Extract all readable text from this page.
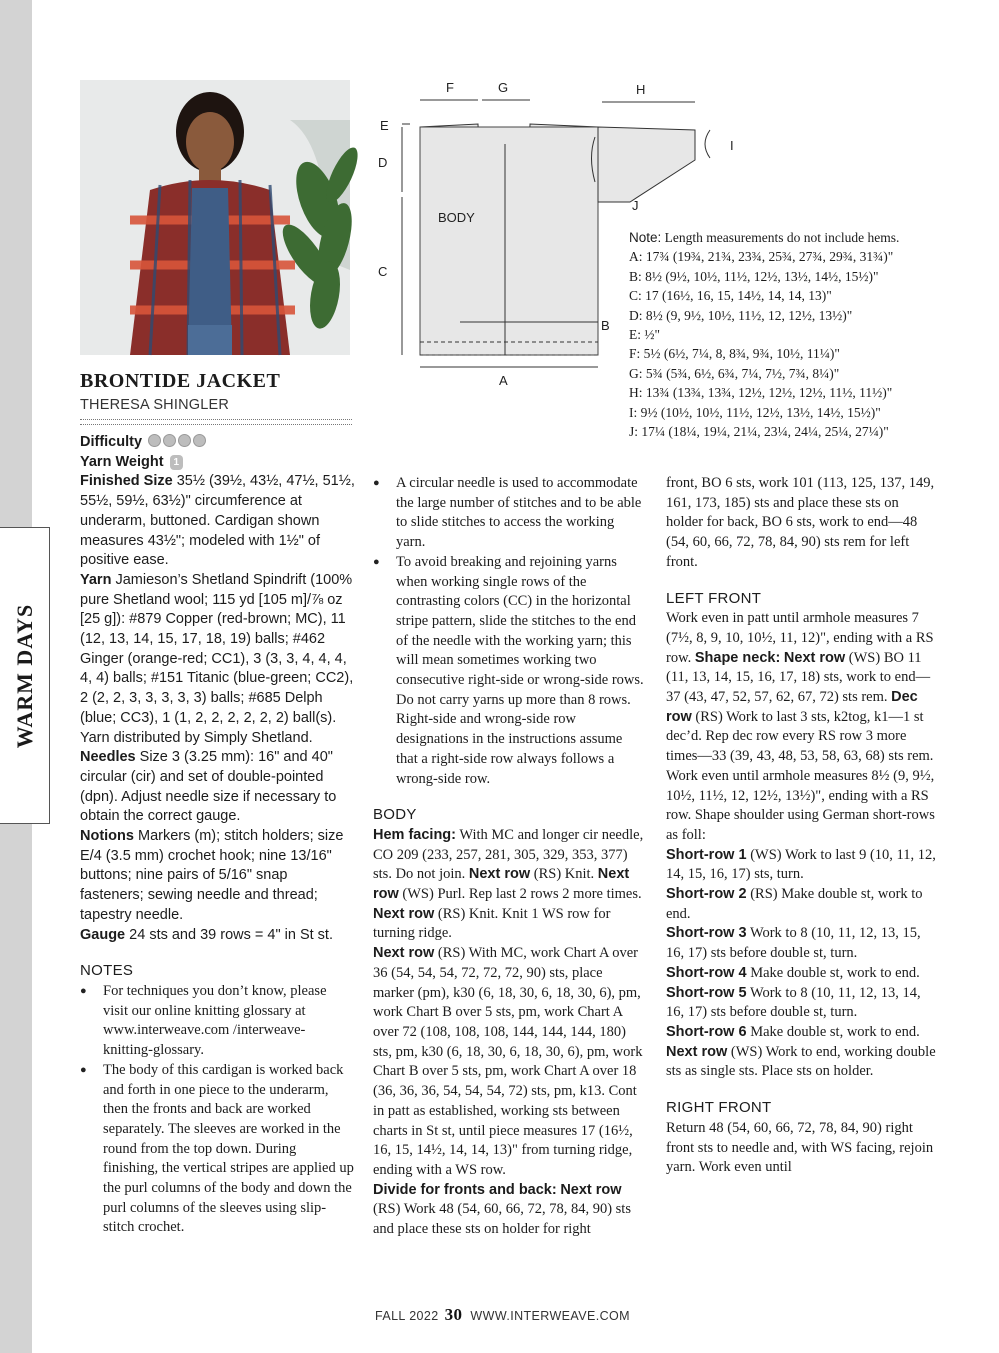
WARM DAYS
BRONTIDE JACKET
THERESA SHINGLER
F	G	H
E
D
C
I
J
B
A
BODY
Note: Length measurements do not include hems.
A: 17¾ (19¾, 21¾, 23¾, 25¾, 27¾, 29¾, 31¾)"
B: 8½ (9½, 10½, 11½, 12½, 13½, 14½, 15½)"
C: 17 (16½, 16, 15, 14½, 14, 14, 13)"
D: 8½ (9, 9½, 10½, 11½, 12, 12½, 13½)"
E: ½"
F: 5½ (6½, 7¼, 8, 8¾, 9¾, 10½, 11¼)"
G: 5¾ (5¾, 6½, 6¾, 7¼, 7½, 7¾, 8¼)"
H: 13¾ (13¾, 13¾, 12½, 12½, 12½, 11½, 11½)"
I: 9½ (10½, 10½, 11½, 12½, 13½, 14½, 15½)"
J: 17¼ (18¼, 19¼, 21¼, 23¼, 24¼, 25¼, 27¼)"

Difficulty

Yarn Weight 1

Finished Size 35½ (39½, 43½, 47½, 51½, 55½, 59½, 63½)" circumference at underarm, buttoned. Cardigan shown measures 43½"; modeled with 1½" of positive ease.

Yarn Jamieson’s Shetland Spindrift (100% pure Shetland wool; 115 yd [105 m]/⅞ oz [25 g]): #879 Copper (red-brown; MC), 11 (12, 13, 14, 15, 17, 18, 19) balls; #462 Ginger (orange-red; CC1), 3 (3, 3, 4, 4, 4, 4, 4) balls; #151 Titanic (blue-green; CC2), 2 (2, 2, 3, 3, 3, 3, 3) balls; #685 Delph (blue; CC3), 1 (1, 2, 2, 2, 2, 2, 2) ball(s). Yarn distributed by Simply Shetland.

Needles Size 3 (3.25 mm): 16" and 40" circular (cir) and set of double-pointed (dpn). Adjust needle size if necessary to obtain the correct gauge.

Notions Markers (m); stitch holders; size E/4 (3.5 mm) crochet hook; nine 13/16" buttons; nine pairs of 5/16" snap fasteners; sewing needle and thread; tapestry needle.

Gauge 24 sts and 39 rows = 4" in St st.

NOTES

● For techniques you don’t know, please visit our online knitting glossary at www.interweave.com /interweave-knitting-glossary.
● The body of this cardigan is worked back and forth in one piece to the underarm, then the fronts and back are worked separately. The sleeves are worked in the round from the top down. During finishing, the vertical stripes are applied up the purl columns of the body and down the purl columns of the sleeves using slip-stitch crochet.
● A circular needle is used to accommodate the large number of stitches and to be able to slide stitches to access the working yarn.
● To avoid breaking and rejoining yarns when working single rows of the contrasting colors (CC) in the horizontal stripe pattern, slide the stitches to the end of the needle with the working yarn; this will mean sometimes working two consecutive right-side or wrong-side rows. Do not carry yarns up more than 8 rows. Right-side and wrong-side row designations in the instructions assume that a right-side row always follows a wrong-side row.

BODY

Hem facing: With MC and longer cir needle, CO 209 (233, 257, 281, 305, 329, 353, 377) sts. Do not join. Next row (RS) Knit. Next row (WS) Purl. Rep last 2 rows 2 more times. Next row (RS) Knit. Knit 1 WS row for turning ridge.

Next row (RS) With MC, work Chart A over 36 (54, 54, 54, 72, 72, 72, 90) sts, place marker (pm), k30 (6, 18, 30, 6, 18, 30, 6), pm, work Chart B over 5 sts, pm, work Chart A over 72 (108, 108, 108, 144, 144, 144, 180) sts, pm, k30 (6, 18, 30, 6, 18, 30, 6), pm, work Chart B over 5 sts, pm, work Chart A over 18 (36, 36, 36, 54, 54, 54, 72) sts, pm, k13. Cont in patt as established, working sts between charts in St st, until piece measures 17 (16½, 16, 15, 14½, 14, 14, 13)" from turning ridge, ending with a WS row.

Divide for fronts and back: Next row (RS) Work 48 (54, 60, 66, 72, 78, 84, 90) sts and place these sts on holder for right

front, BO 6 sts, work 101 (113, 125, 137, 149, 161, 173, 185) sts and place these sts on holder for back, BO 6 sts, work to end—48 (54, 60, 66, 72, 78, 84, 90) sts rem for left front.

LEFT FRONT

Work even in patt until armhole measures 7 (7½, 8, 9, 10, 10½, 11, 12)", ending with a RS row. Shape neck: Next row (WS) BO 11 (11, 13, 14, 15, 16, 17, 18) sts, work to end—37 (43, 47, 52, 57, 62, 67, 72) sts rem. Dec row (RS) Work to last 3 sts, k2tog, k1—1 st dec’d. Rep dec row every RS row 3 more times—33 (39, 43, 48, 53, 58, 63, 68) sts rem. Work even until armhole measures 8½ (9, 9½, 10½, 11½, 12, 12½, 13½)", ending with a RS row. Shape shoulder using German short-rows as foll:

Short-row 1 (WS) Work to last 9 (10, 11, 12, 14, 15, 16, 17) sts, turn.

Short-row 2 (RS) Make double st, work to end.

Short-row 3 Work to 8 (10, 11, 12, 13, 15, 16, 17) sts before double st, turn.

Short-row 4 Make double st, work to end.

Short-row 5 Work to 8 (10, 11, 12, 13, 14, 16, 17) sts before double st, turn.

Short-row 6 Make double st, work to end.

Next row (WS) Work to end, working double sts as single sts. Place sts on holder.

RIGHT FRONT

Return 48 (54, 60, 66, 72, 78, 84, 90) right front sts to needle and, with WS facing, rejoin yarn. Work even until

FALL 2022 30 WWW.INTERWEAVE.COM
